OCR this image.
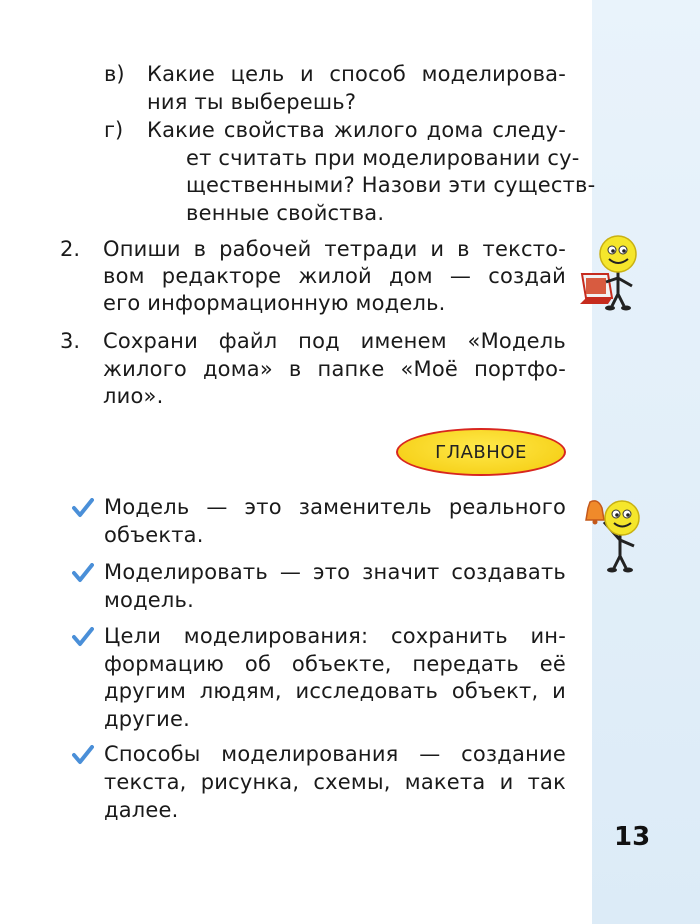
в) Какие цель и способ моделирова-
ния ты выберешь?
г) Какие свойства жилого дома следу-
ет считать при моделировании су-
щественными? Назови эти существ-
венные свойства.
2. Опиши в рабочей тетради и в тексто-
вом редакторе жилой дом — создай
его информационную модель.
3. Сохрани файл под именем «Модель
жилого дома» в папке «Моё портфо-
лио».
ГЛАВНОЕ
Модель — это заменитель реального
объекта.
Моделировать — это значит создавать
модель.
Цели моделирования: сохранить ин-
формацию об объекте, передать её
другим людям, исследовать объект, и
другие.
Способы моделирования — создание
текста, рисунка, схемы, макета и так
далее.
13
